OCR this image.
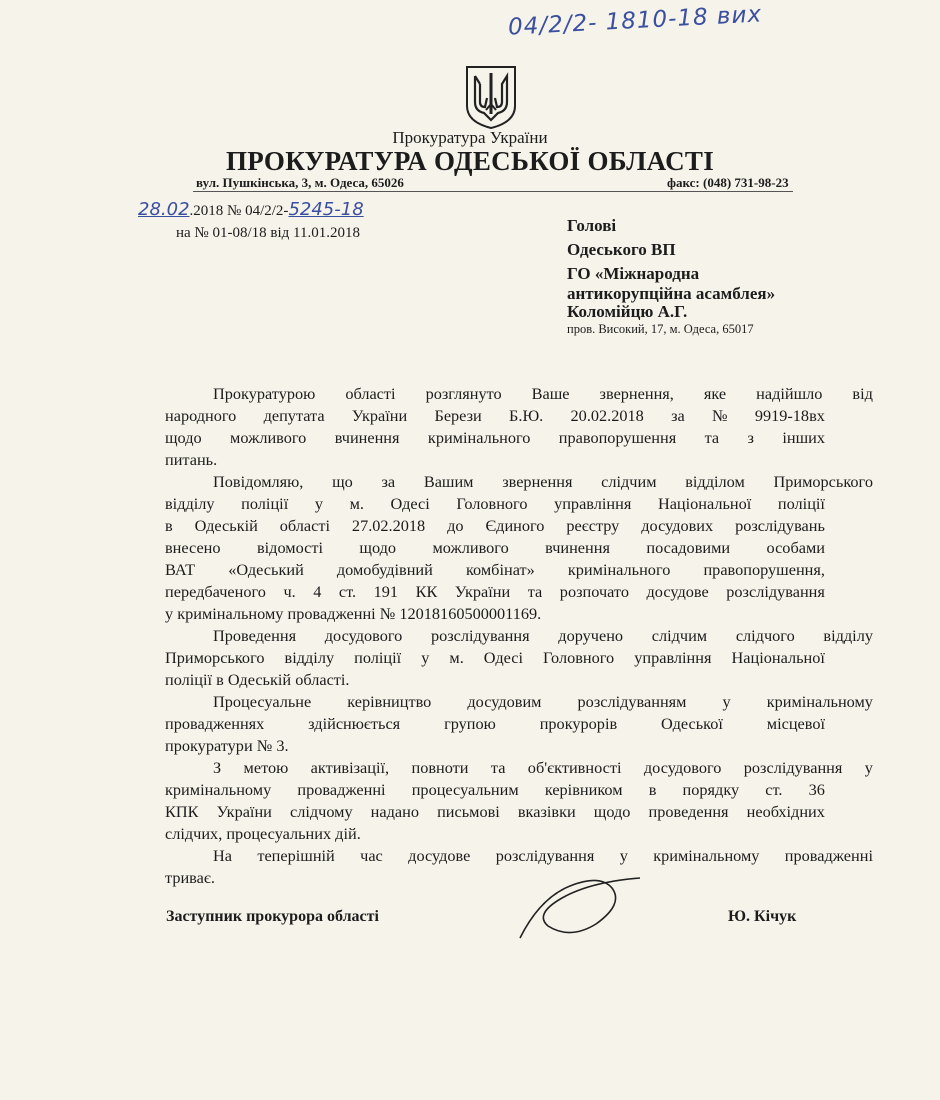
04/2/2- 1810-18 вих
Прокуратура України
ПРОКУРАТУРА ОДЕСЬКОЇ ОБЛАСТІ
вул. Пушкінська, 3, м. Одеса, 65026	факс: (048) 731-98-23
28.02.2018 № 04/2/2-5245-18
на № 01-08/18 від 11.01.2018	Голові
Одеського ВП
ГО «Міжнародна
антикорупційна асамблея»
Коломійцю А.Г.
пров. Високий, 17, м. Одеса, 65017
Прокуратурою області розглянуто Ваше звернення, яке надійшло від
народного депутата України Берези Б.Ю. 20.02.2018 за № 9919-18вх
щодо можливого вчинення кримінального правопорушення та з інших
питань.
Повідомляю, що за Вашим звернення слідчим відділом Приморського
відділу поліції у м. Одесі Головного управління Національної поліції
в Одеській області 27.02.2018 до Єдиного реєстру досудових розслідувань
внесено відомості щодо можливого вчинення посадовими особами
ВАТ «Одеський домобудівний комбінат» кримінального правопорушення,
передбаченого ч. 4 ст. 191 КК України та розпочато досудове розслідування
у кримінальному провадженні № 12018160500001169.
Проведення досудового розслідування доручено слідчим слідчого відділу
Приморського відділу поліції у м. Одесі Головного управління Національної
поліції в Одеській області.
Процесуальне керівництво досудовим розслідуванням у кримінальному
провадженнях	здійснюється	групою	прокурорів	Одеської	місцевої
прокуратури № 3.
З метою активізації, повноти та об'єктивності досудового розслідування у
кримінальному провадженні процесуальним керівником в порядку ст. 36
КПК України слідчому надано письмові вказівки щодо проведення необхідних
слідчих, процесуальних дій.
На теперішній час досудове розслідування у кримінальному провадженні
триває.
Заступник прокурора області	Ю. Кічук
